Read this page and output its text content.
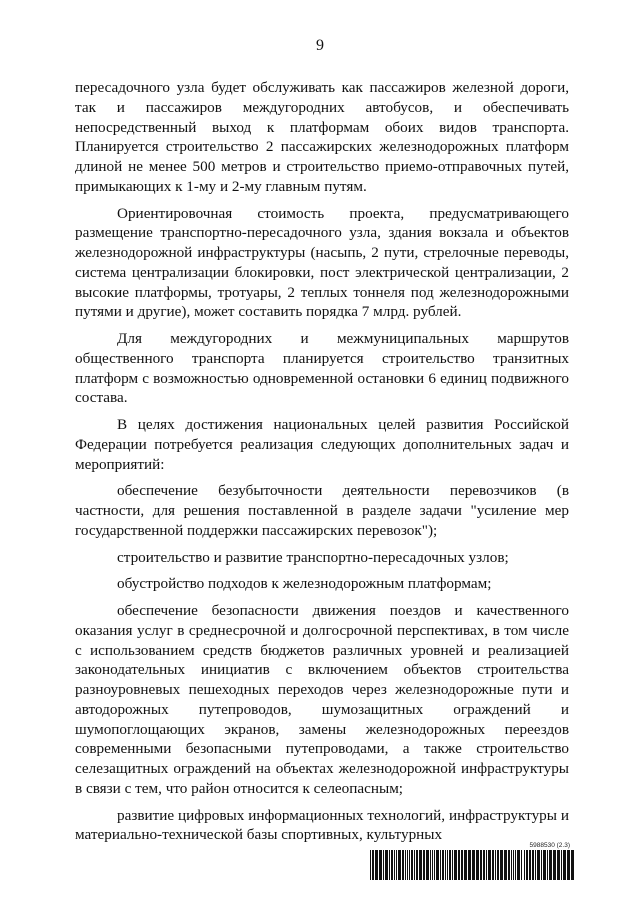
9

пересадочного узла будет обслуживать как пассажиров железной дороги, так и пассажиров междугородних автобусов, и обеспечивать непосредственный выход к платформам обоих видов транспорта. Планируется строительство 2 пассажирских железнодорожных платформ длиной не менее 500 метров и строительство приемо-отправочных путей, примыкающих к 1-му и 2-му главным путям.

Ориентировочная стоимость проекта, предусматривающего размещение транспортно-пересадочного узла, здания вокзала и объектов железнодорожной инфраструктуры (насыпь, 2 пути, стрелочные переводы, система централизации блокировки, пост электрической централизации, 2 высокие платформы, тротуары, 2 теплых тоннеля под железнодорожными путями и другие), может составить порядка 7 млрд. рублей.

Для междугородних и межмуниципальных маршрутов общественного транспорта планируется строительство транзитных платформ с возможностью одновременной остановки 6 единиц подвижного состава.

В целях достижения национальных целей развития Российской Федерации потребуется реализация следующих дополнительных задач и мероприятий:

обеспечение безубыточности деятельности перевозчиков (в частности, для решения поставленной в разделе задачи "усиление мер государственной поддержки пассажирских перевозок");

строительство и развитие транспортно-пересадочных узлов;

обустройство подходов к железнодорожным платформам;

обеспечение безопасности движения поездов и качественного оказания услуг в среднесрочной и долгосрочной перспективах, в том числе с использованием средств бюджетов различных уровней и реализацией законодательных инициатив с включением объектов строительства разноуровневых пешеходных переходов через железнодорожные пути и автодорожных путепроводов, шумозащитных ограждений и шумопоглощающих экранов, замены железнодорожных переездов современными безопасными путепроводами, а также строительство селезащитных ограждений на объектах железнодорожной инфраструктуры в связи с тем, что район относится к селеопасным;

развитие цифровых информационных технологий, инфраструктуры и материально-технической базы спортивных, культурных

5988530 (2.3)
